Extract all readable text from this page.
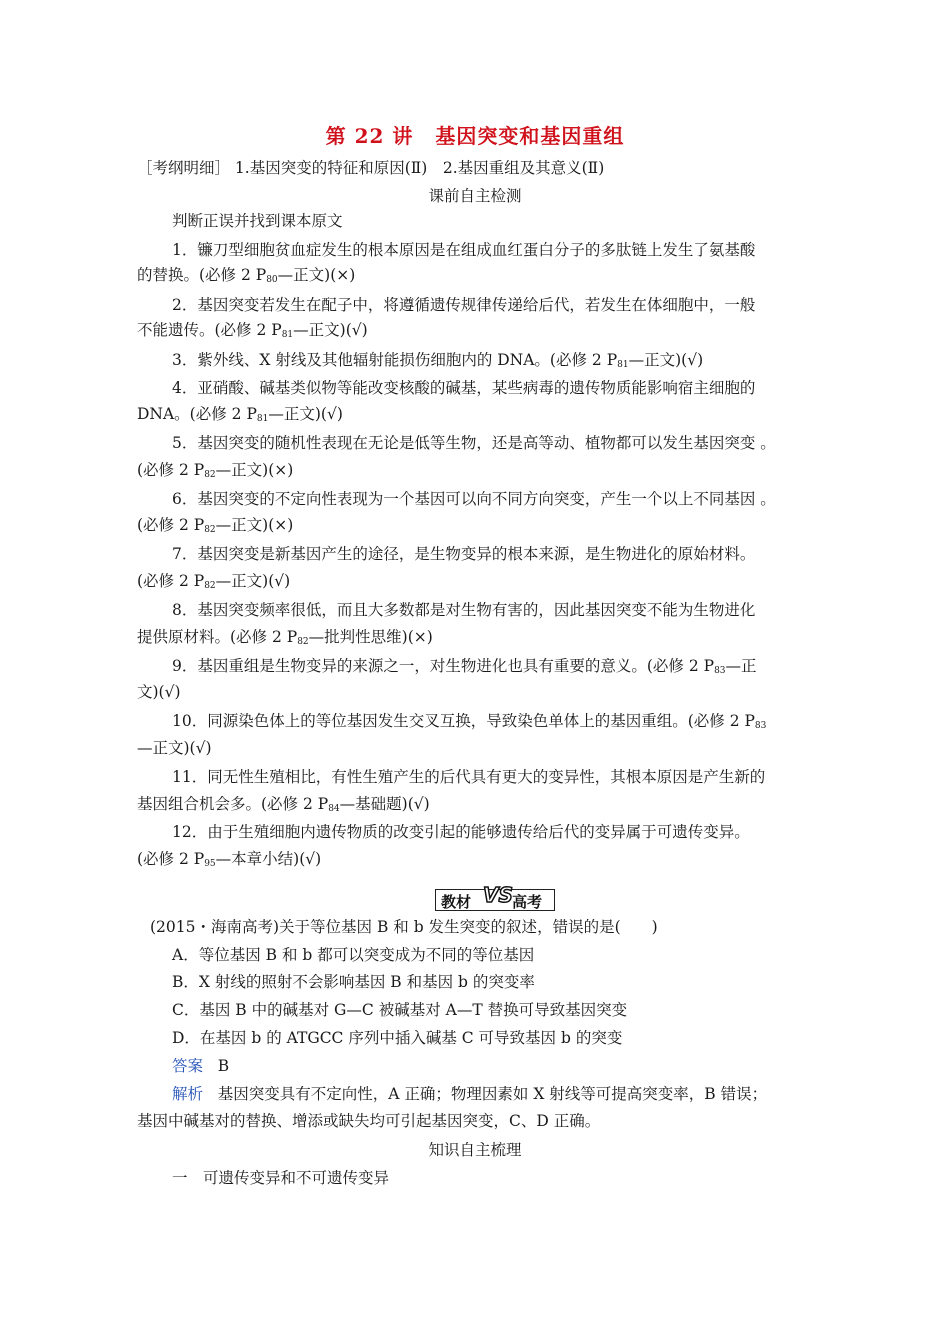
第 22 讲 基因突变和基因重组
［考纲明细］ 1.基因突变的特征和原因(Ⅱ)　2.基因重组及其意义(Ⅱ)
课前自主检测
判断正误并找到课本原文
1．镰刀型细胞贫血症发生的根本原因是在组成血红蛋白分子的多肽链上发生了氨基酸
的替换。(必修 2 $P_{80}—$正文)(×)
2．基因突变若发生在配子中，将遵循遗传规律传递给后代，若发生在体细胞中，一般
不能遗传。(必修 2 $P_{81}—$正文)(√)
3．紫外线、X 射线及其他辐射能损伤细胞内的 DNA。(必修 2 $P_{81}—$正文)(√)
4．亚硝酸、碱基类似物等能改变核酸的碱基，某些病毒的遗传物质能影响宿主细胞的
DNA。(必修 2 $P_{81}—$正文)(√)
5．基因突变的随机性表现在无论是低等生物，还是高等动、植物都可以发生基因突变 。
(必修 2 $P_{82}—$正文)(×)
6．基因突变的不定向性表现为一个基因可以向不同方向突变，产生一个以上不同基因 。
(必修 2 $P_{82}—$正文)(×)
7．基因突变是新基因产生的途径，是生物变异的根本来源，是生物进化的原始材料。
(必修 2 $P_{82}—$正文)(√)
8．基因突变频率很低，而且大多数都是对生物有害的，因此基因突变不能为生物进化
提供原材料。(必修 2 $P_{82}—$批判性思维)(×)
9．基因重组是生物变异的来源之一，对生物进化也具有重要的意义。(必修 2 $P_{83}—$正
文)(√)
10．同源染色体上的等位基因发生交叉互换，导致染色单体上的基因重组。(必修 2 $P_{83}$
—正文)(√)
11．同无性生殖相比，有性生殖产生的后代具有更大的变异性，其根本原因是产生新的
基因组合机会多。(必修 2 $P_{84}—$基础题)(√)
12．由于生殖细胞内遗传物质的改变引起的能够遗传给后代的变异属于可遗传变异。
(必修 2 $P_{95}—$本章小结)(√)
教材 VS 高考
(2015・海南高考)关于等位基因 B 和 b 发生突变的叙述，错误的是(　　)
A．等位基因 B 和 b 都可以突变成为不同的等位基因
B．X 射线的照射不会影响基因 B 和基因 b 的突变率
C．基因 B 中的碱基对 G—C 被碱基对 A—T 替换可导致基因突变
D．在基因 b 的 ATGCC 序列中插入碱基 C 可导致基因 b 的突变
答案 B
解析 基因突变具有不定向性，A 正确；物理因素如 X 射线等可提高突变率，B 错误；
基因中碱基对的替换、增添或缺失均可引起基因突变，C、D 正确。
知识自主梳理
一　可遗传变异和不可遗传变异
